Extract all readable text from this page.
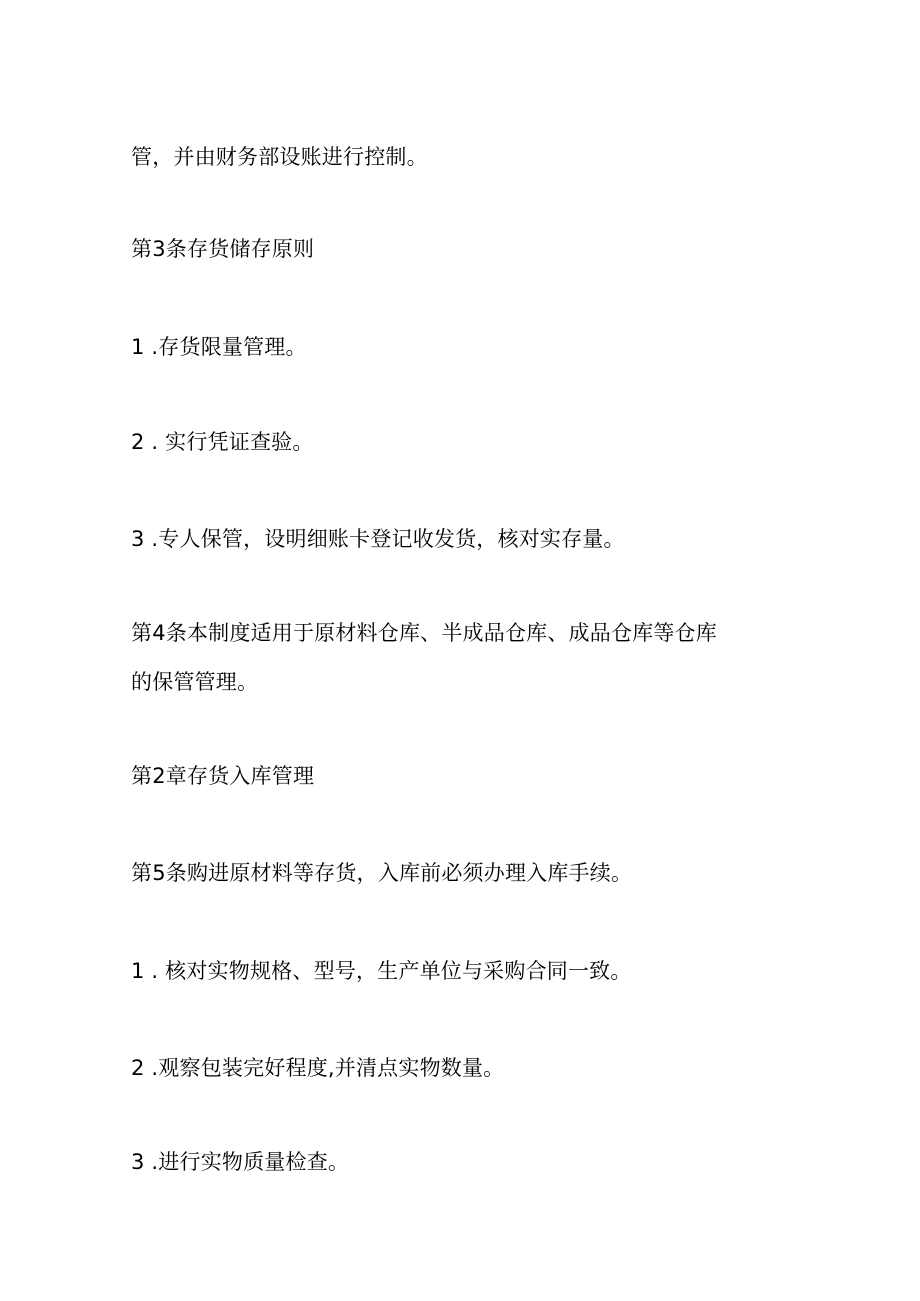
管，并由财务部设账进行控制。

第3条存货储存原则

1 .存货限量管理。

2 . 实行凭证查验。

3 .专人保管，设明细账卡登记收发货，核对实存量。

第4条本制度适用于原材料仓库、半成品仓库、成品仓库等仓库

的保管管理。

第2章存货入库管理

第5条购进原材料等存货，入库前必须办理入库手续。

1 . 核对实物规格、型号，生产单位与采购合同一致。

2 .观察包装完好程度,并清点实物数量。

3 .进行实物质量检查。
